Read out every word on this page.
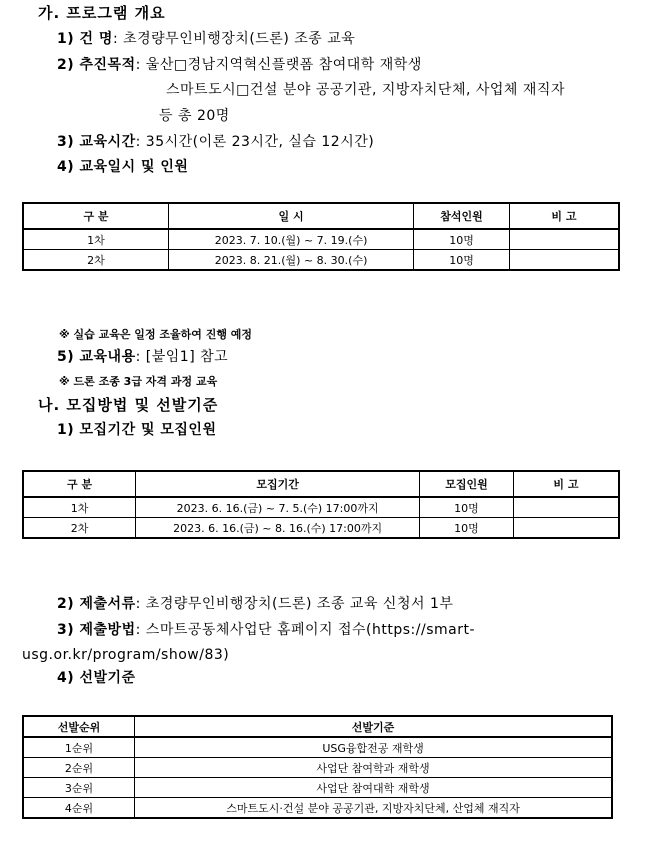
가. 프로그램 개요
1) 건 명: 초경량무인비행장치(드론) 조종 교육
2) 추진목적: 울산□경남지역혁신플랫폼 참여대학 재학생
스마트도시□건설 분야 공공기관, 지방자치단체, 사업체 재직자
등 총 20명
3) 교육시간: 35시간(이론 23시간, 실습 12시간)
4) 교육일시 및 인원
구 분	일 시	참석인원	비 고
1차	2023. 7. 10.(월) ~ 7. 19.(수)	10명	
2차	2023. 8. 21.(월) ~ 8. 30.(수)	10명	
※ 실습 교육은 일정 조율하여 진행 예정
5) 교육내용: [붙임1] 참고
※ 드론 조종 3급 자격 과정 교육
나. 모집방법 및 선발기준
1) 모집기간 및 모집인원
구 분	모집기간	모집인원	비 고
1차	2023. 6. 16.(금) ~ 7. 5.(수) 17:00까지	10명	
2차	2023. 6. 16.(금) ~ 8. 16.(수) 17:00까지	10명	
2) 제출서류: 초경량무인비행장치(드론) 조종 교육 신청서 1부
3) 제출방법: 스마트공동체사업단 홈페이지 접수(https://smart-
usg.or.kr/program/show/83)
4) 선발기준
선발순위	선발기준
1순위	USG융합전공 재학생
2순위	사업단 참여학과 재학생
3순위	사업단 참여대학 재학생
4순위	스마트도시·건설 분야 공공기관, 지방자치단체, 산업체 재직자
